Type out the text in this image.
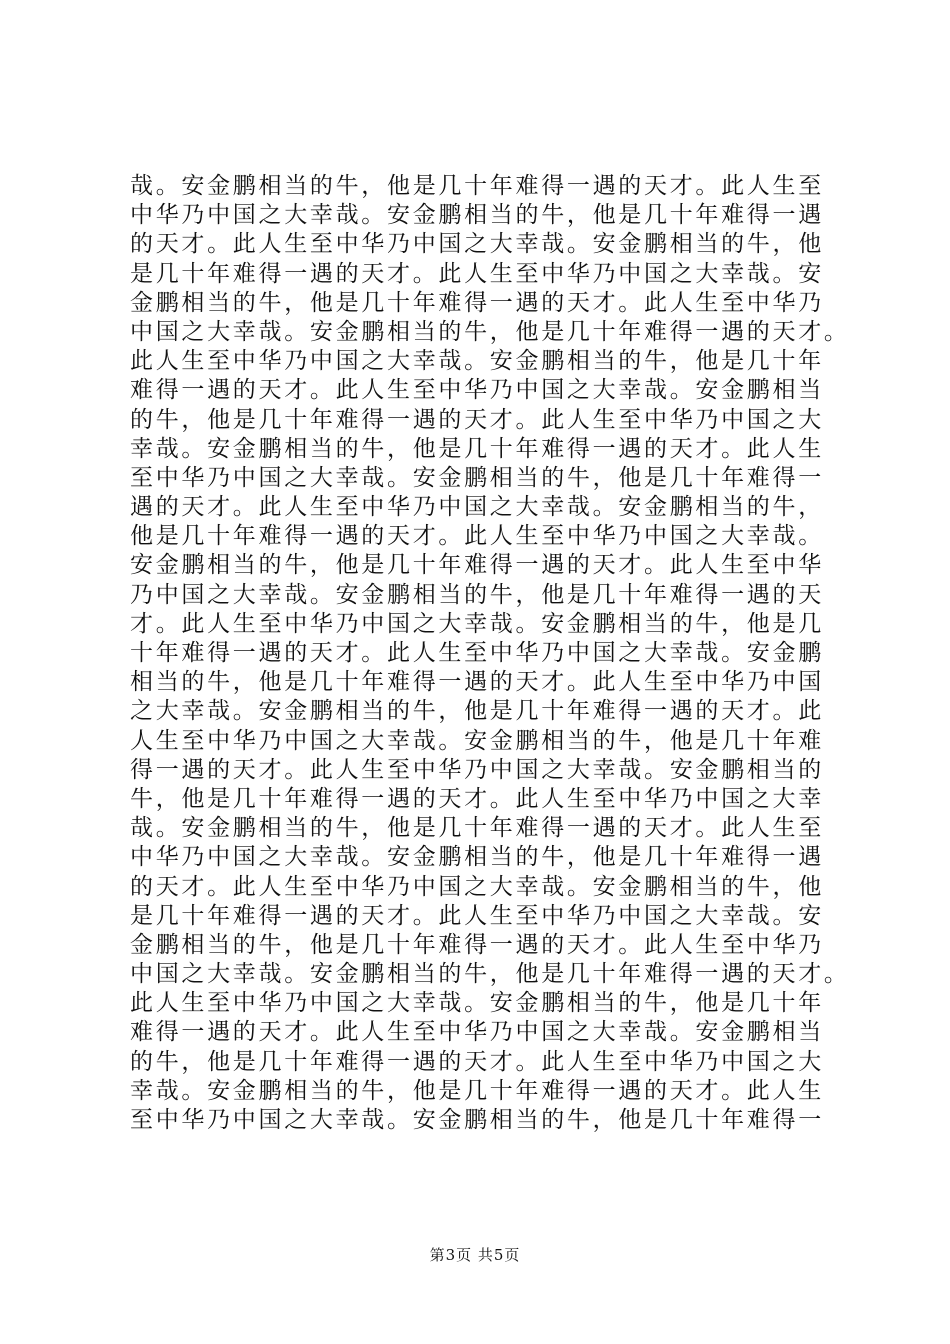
哉。安金鹏相当的牛，他是几十年难得一遇的天才。此人生至
中华乃中国之大幸哉。安金鹏相当的牛，他是几十年难得一遇
的天才。此人生至中华乃中国之大幸哉。安金鹏相当的牛，他
是几十年难得一遇的天才。此人生至中华乃中国之大幸哉。安
金鹏相当的牛，他是几十年难得一遇的天才。此人生至中华乃
中国之大幸哉。安金鹏相当的牛，他是几十年难得一遇的天才。
此人生至中华乃中国之大幸哉。安金鹏相当的牛，他是几十年
难得一遇的天才。此人生至中华乃中国之大幸哉。安金鹏相当
的牛，他是几十年难得一遇的天才。此人生至中华乃中国之大
幸哉。安金鹏相当的牛，他是几十年难得一遇的天才。此人生
至中华乃中国之大幸哉。安金鹏相当的牛，他是几十年难得一
遇的天才。此人生至中华乃中国之大幸哉。安金鹏相当的牛，
他是几十年难得一遇的天才。此人生至中华乃中国之大幸哉。
安金鹏相当的牛，他是几十年难得一遇的天才。此人生至中华
乃中国之大幸哉。安金鹏相当的牛，他是几十年难得一遇的天
才。此人生至中华乃中国之大幸哉。安金鹏相当的牛，他是几
十年难得一遇的天才。此人生至中华乃中国之大幸哉。安金鹏
相当的牛，他是几十年难得一遇的天才。此人生至中华乃中国
之大幸哉。安金鹏相当的牛，他是几十年难得一遇的天才。此
人生至中华乃中国之大幸哉。安金鹏相当的牛，他是几十年难
得一遇的天才。此人生至中华乃中国之大幸哉。安金鹏相当的
牛，他是几十年难得一遇的天才。此人生至中华乃中国之大幸
哉。安金鹏相当的牛，他是几十年难得一遇的天才。此人生至
中华乃中国之大幸哉。安金鹏相当的牛，他是几十年难得一遇
的天才。此人生至中华乃中国之大幸哉。安金鹏相当的牛，他
是几十年难得一遇的天才。此人生至中华乃中国之大幸哉。安
金鹏相当的牛，他是几十年难得一遇的天才。此人生至中华乃
中国之大幸哉。安金鹏相当的牛，他是几十年难得一遇的天才。
此人生至中华乃中国之大幸哉。安金鹏相当的牛，他是几十年
难得一遇的天才。此人生至中华乃中国之大幸哉。安金鹏相当
的牛，他是几十年难得一遇的天才。此人生至中华乃中国之大
幸哉。安金鹏相当的牛，他是几十年难得一遇的天才。此人生
至中华乃中国之大幸哉。安金鹏相当的牛，他是几十年难得一
第3页 共5页
